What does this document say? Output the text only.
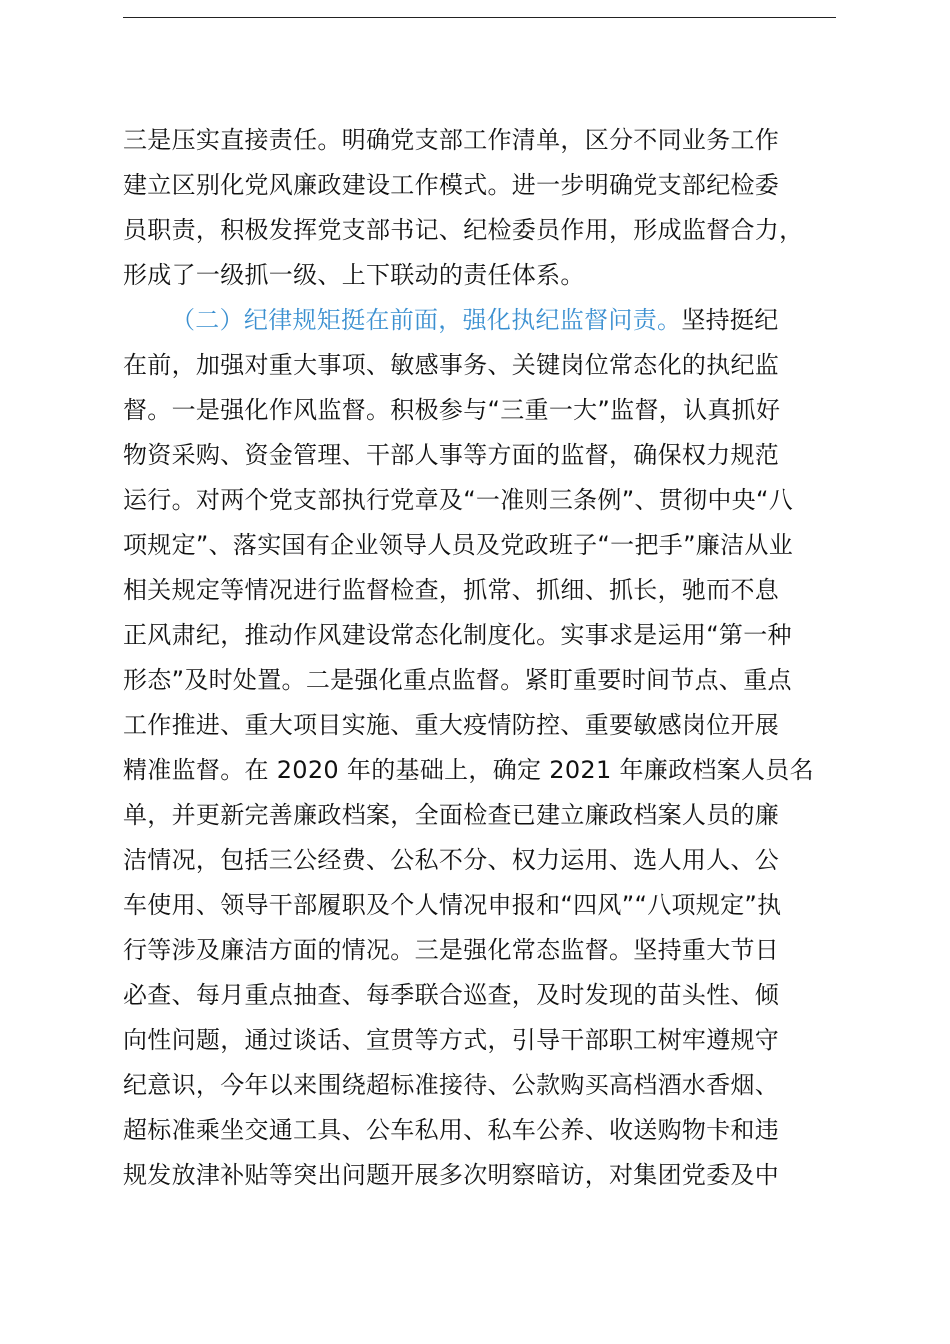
三是压实直接责任。明确党支部工作清单，区分不同业务工作
建立区别化党风廉政建设工作模式。进一步明确党支部纪检委
员职责，积极发挥党支部书记、纪检委员作用，形成监督合力，
形成了一级抓一级、上下联动的责任体系。
（二）纪律规矩挺在前面，强化执纪监督问责。坚持挺纪
在前，加强对重大事项、敏感事务、关键岗位常态化的执纪监
督。一是强化作风监督。积极参与“三重一大”监督，认真抓好
物资采购、资金管理、干部人事等方面的监督，确保权力规范
运行。对两个党支部执行党章及“一准则三条例”、贯彻中央“八
项规定”、落实国有企业领导人员及党政班子“一把手”廉洁从业
相关规定等情况进行监督检查，抓常、抓细、抓长，驰而不息
正风肃纪，推动作风建设常态化制度化。实事求是运用“第一种
形态”及时处置。二是强化重点监督。紧盯重要时间节点、重点
工作推进、重大项目实施、重大疫情防控、重要敏感岗位开展
精准监督。在 2020 年的基础上，确定 2021 年廉政档案人员名
单，并更新完善廉政档案，全面检查已建立廉政档案人员的廉
洁情况，包括三公经费、公私不分、权力运用、选人用人、公
车使用、领导干部履职及个人情况申报和“四风”“八项规定”执
行等涉及廉洁方面的情况。三是强化常态监督。坚持重大节日
必查、每月重点抽查、每季联合巡查，及时发现的苗头性、倾
向性问题，通过谈话、宣贯等方式，引导干部职工树牢遵规守
纪意识，今年以来围绕超标准接待、公款购买高档酒水香烟、
超标准乘坐交通工具、公车私用、私车公养、收送购物卡和违
规发放津补贴等突出问题开展多次明察暗访，对集团党委及中
